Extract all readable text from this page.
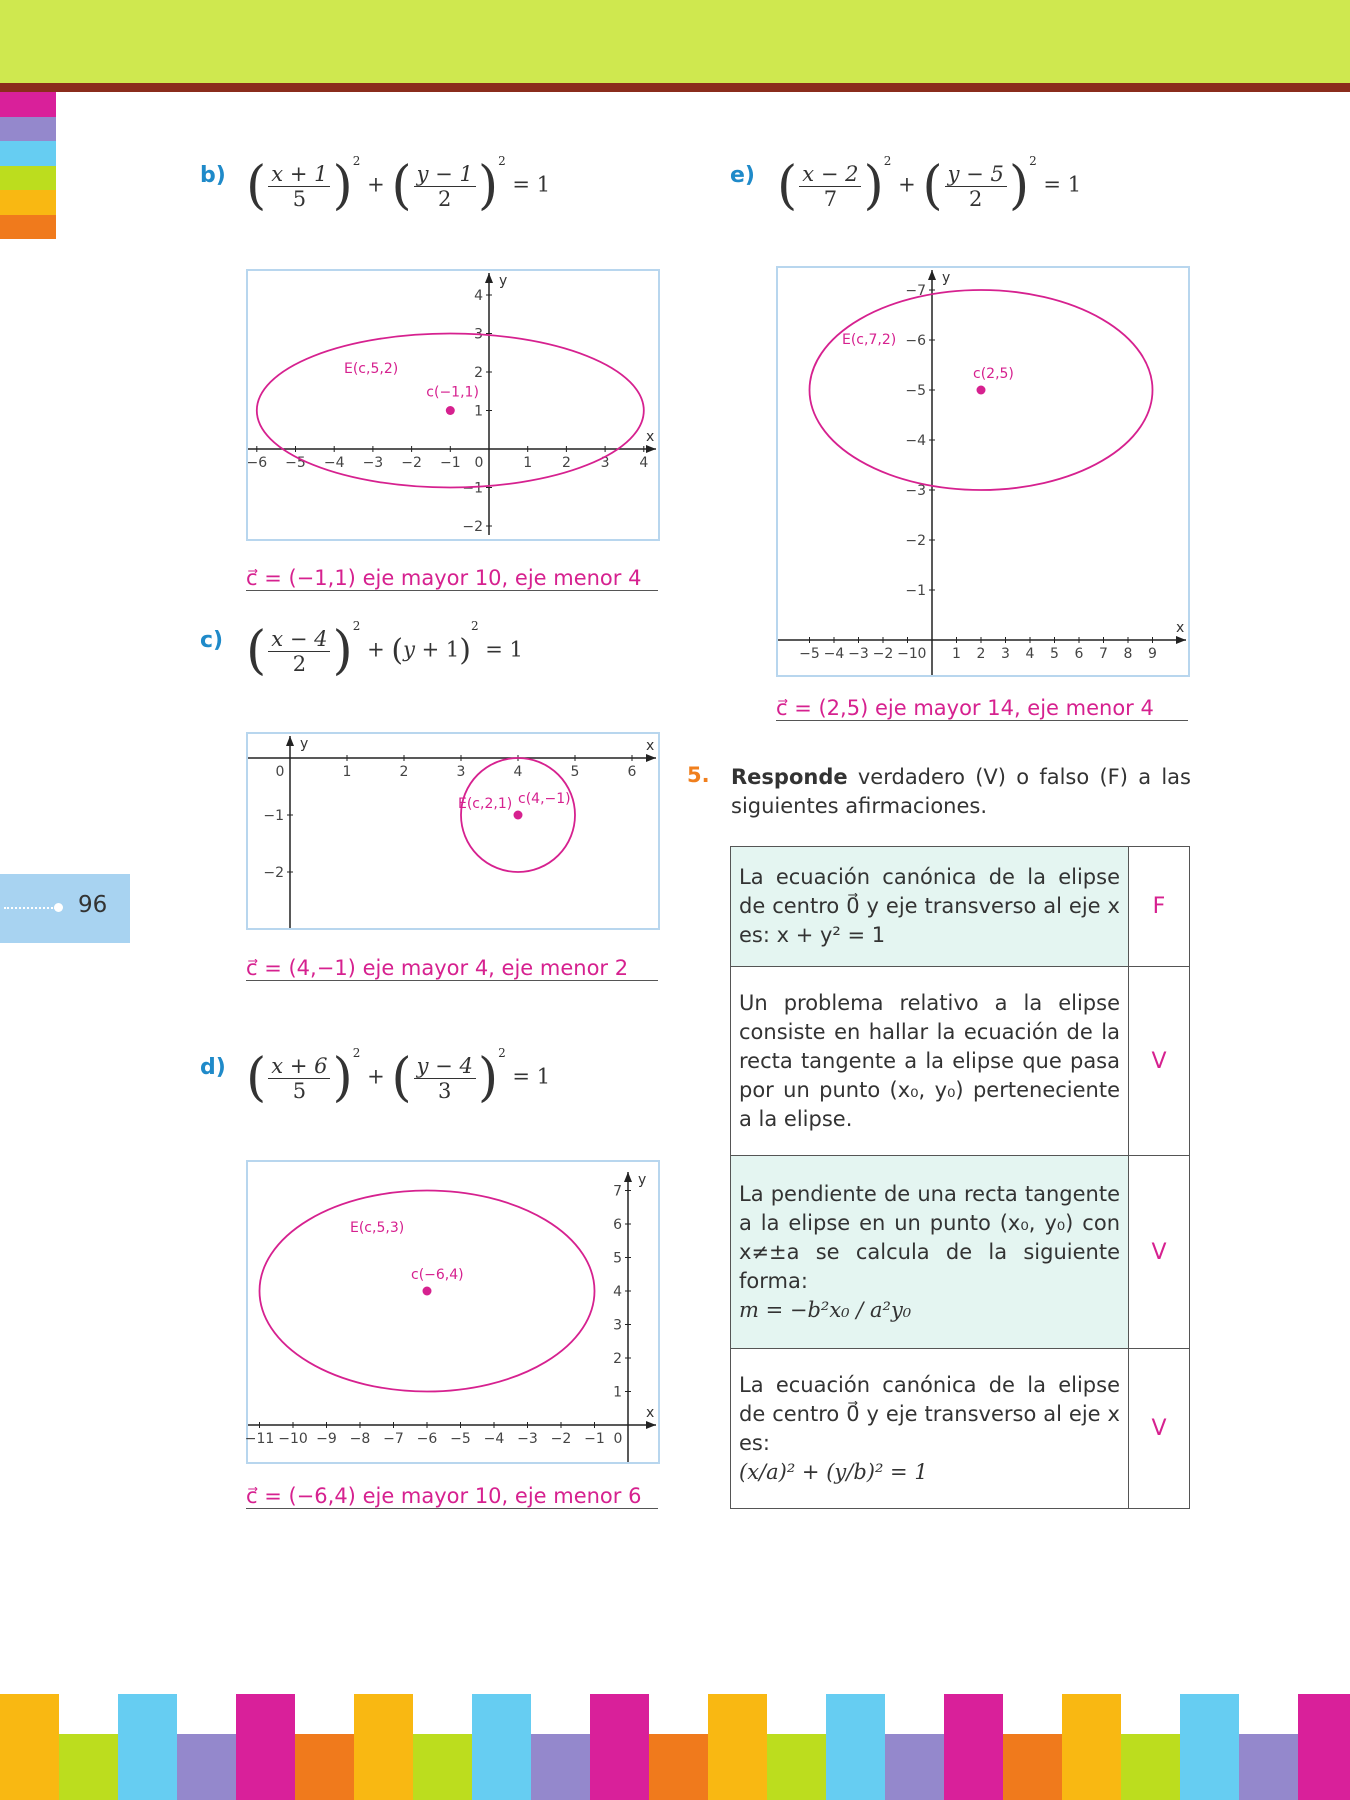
96
b) ( $\frac{x + 1}{5} )^2$ + ( $\frac{y - 1}{2} )^2 = 1$
x
y
−6 −5 −4 −3 −2 −1 0	1 2 3 4
4
3
2
1
−1
−2
c(−1,1)
E(c,5,2)
c⃗ = (−1,1) eje mayor 10, eje menor 4
c) ( $\frac{x - 4}{2} )^2 + (y + 1)^2 = 1$
x
y
0	1	2	3	4	5	6
−1
−2
c(4,−1)
E(c,2,1)
c⃗ = (4,−1) eje mayor 4, eje menor 2
d) ( $\frac{x + 6}{5} )^2$ + ( $\frac{y - 4}{3} )^2 = 1$
x
y
−11 −10 −9 −8 −7 −6 −5 −4 −3 −2 −1 0
7
6
5
4
3
2
1
c(−6,4)
E(c,5,3)
c⃗ = (−6,4) eje mayor 10, eje menor 6
e) ( $\frac{x - 2}{7} )^2$ + ( $\frac{y - 5}{2} )^2 = 1$
x
y
−5 −4 −3 −2 −1 0 1 2 3 4 5 6 7 8 9
−7
−6
−5
−4
−3
−2
−1
c(2,5)
E(c,7,2)
c⃗ = (2,5) eje mayor 14, eje menor 4
5. Responde verdadero (V) o falso (F) a las siguientes afirmaciones.
La ecuación canónica de la elipse de centro 0⃗ y eje transverso al eje x es: x + y² = 1	F
Un problema relativo a la elipse consiste en hallar la ecuación de la recta tangente a la elipse que pasa por un punto (x₀, y₀) perteneciente a la elipse.	V
La pendiente de una recta tangente a la elipse en un punto (x₀, y₀) con x≠±a se calcula de la siguiente forma:
m = −b²x₀ / a²y₀	V
La ecuación canónica de la elipse de centro 0⃗ y eje transverso al eje x es:
(x/a)² + (y/b)² = 1	V
